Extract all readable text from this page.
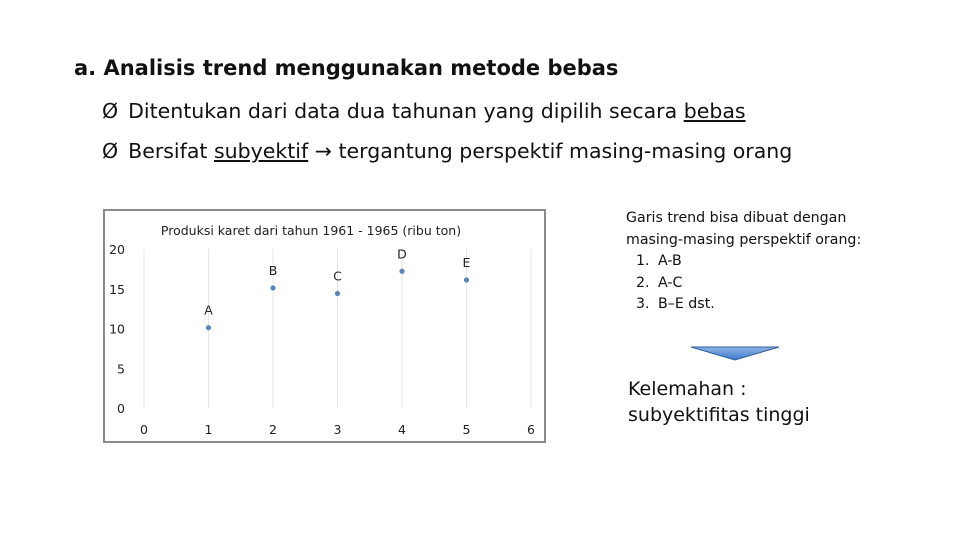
a. Analisis trend menggunakan metode bebas
Ø Ditentukan dari data dua tahunan yang dipilih secara bebas
Ø Bersifat subyektif → tergantung perspektif masing-masing orang
Produksi karet dari tahun 1961 - 1965 (ribu ton)
0	1	2	3	4	5	6
0
5
10
15
20
A
B	C
D
E
Garis trend bisa dibuat dengan
masing-masing perspektif orang:
1. A-B
2. A-C
3. B–E dst.
Kelemahan :
subyektifitas tinggi
